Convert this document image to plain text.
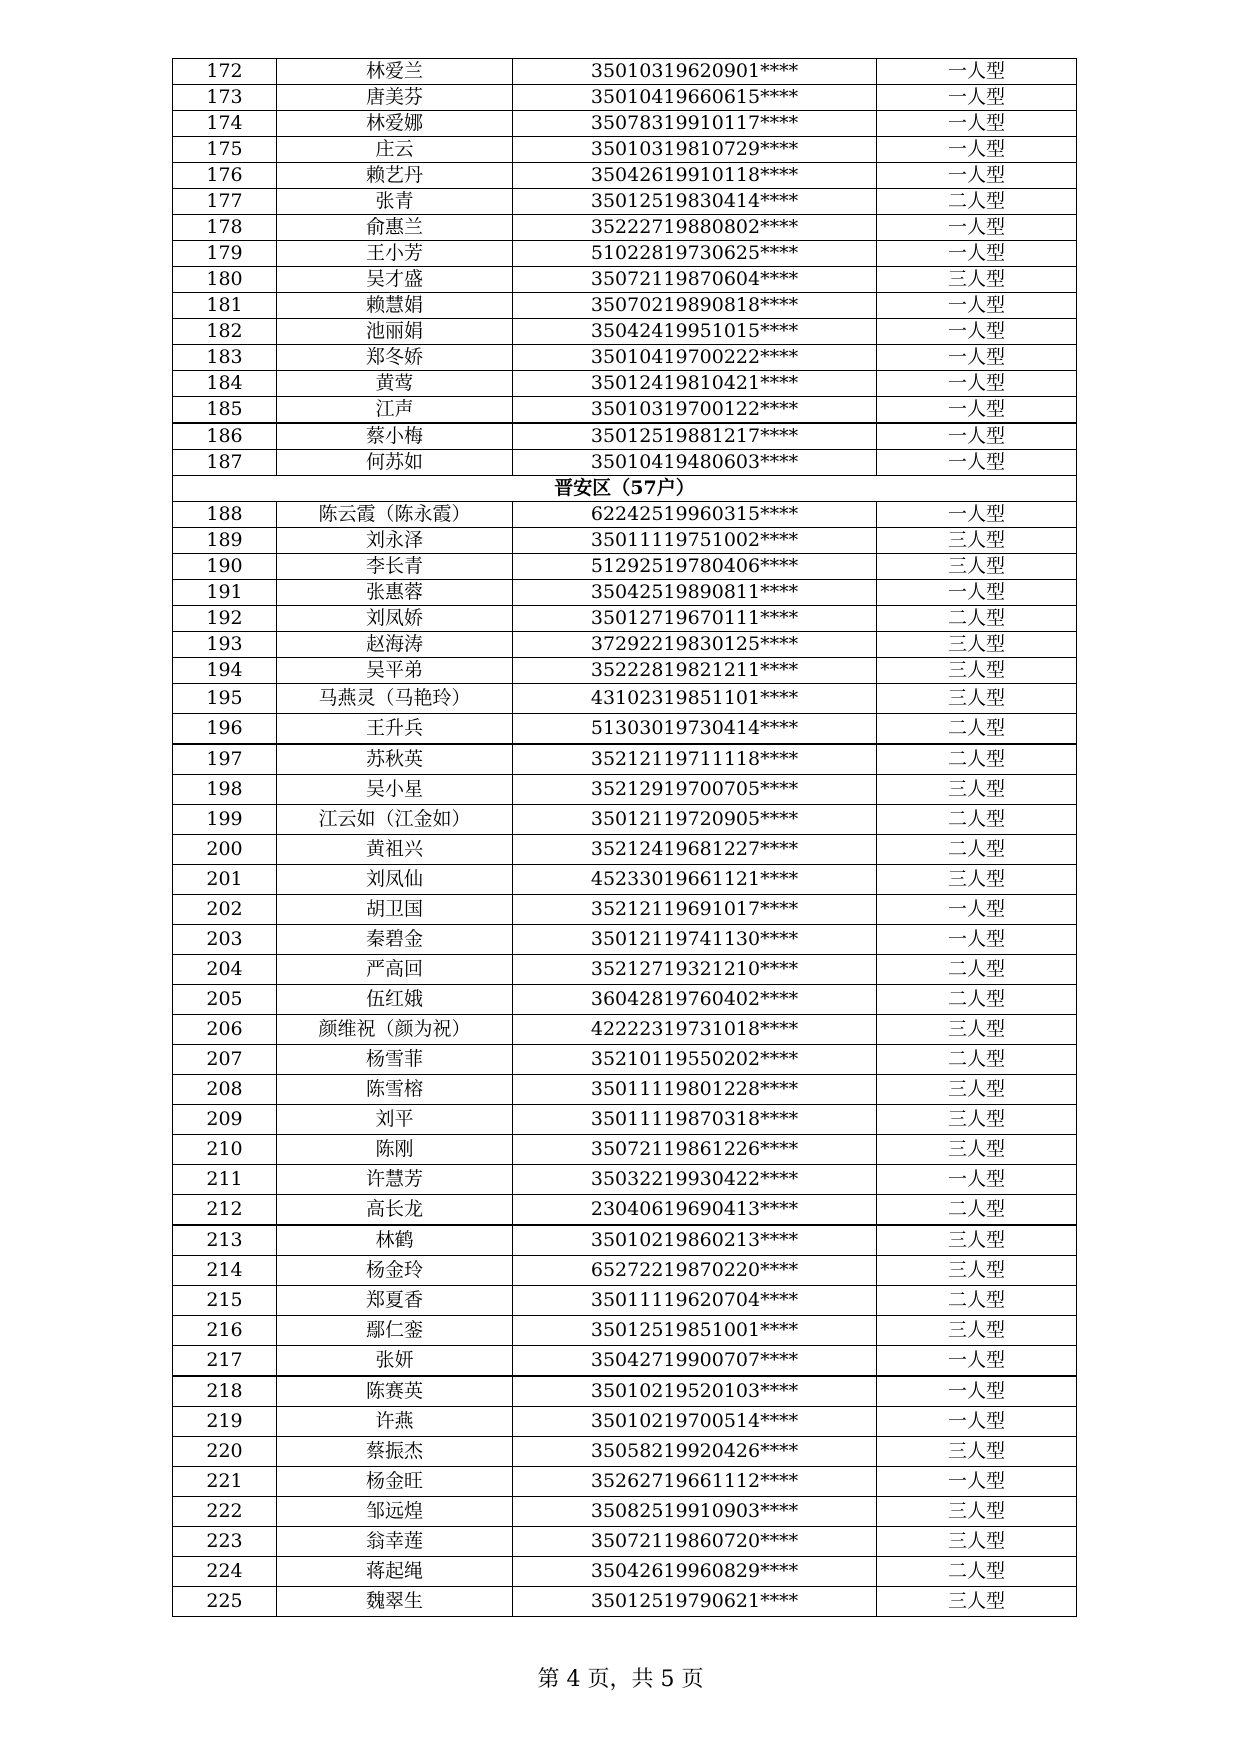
172	林爱兰	35010319620901****	一人型
173	唐美芬	35010419660615****	一人型
174	林爱娜	35078319910117****	一人型
175	庄云	35010319810729****	一人型
176	赖艺丹	35042619910118****	一人型
177	张青	35012519830414****	二人型
178	俞惠兰	35222719880802****	一人型
179	王小芳	51022819730625****	一人型
180	吴才盛	35072119870604****	三人型
181	赖慧娟	35070219890818****	一人型
182	池丽娟	35042419951015****	一人型
183	郑冬娇	35010419700222****	一人型
184	黄莺	35012419810421****	一人型
185	江声	35010319700122****	一人型
186	蔡小梅	35012519881217****	一人型
187	何苏如	35010419480603****	一人型
晋安区（57户）			
188	陈云霞（陈永霞）	62242519960315****	一人型
189	刘永泽	35011119751002****	三人型
190	李长青	51292519780406****	三人型
191	张惠蓉	35042519890811****	一人型
192	刘凤娇	35012719670111****	二人型
193	赵海涛	37292219830125****	三人型
194	吴平弟	35222819821211****	三人型
195	马燕灵（马艳玲）	43102319851101****	三人型
196	王升兵	51303019730414****	二人型
197	苏秋英	35212119711118****	二人型
198	吴小星	35212919700705****	三人型
199	江云如（江金如）	35012119720905****	二人型
200	黄祖兴	35212419681227****	二人型
201	刘凤仙	45233019661121****	三人型
202	胡卫国	35212119691017****	一人型
203	秦碧金	35012119741130****	一人型
204	严高回	35212719321210****	二人型
205	伍红娥	36042819760402****	二人型
206	颜维祝（颜为祝）	42222319731018****	三人型
207	杨雪菲	35210119550202****	二人型
208	陈雪榕	35011119801228****	三人型
209	刘平	35011119870318****	三人型
210	陈刚	35072119861226****	三人型
211	许慧芳	35032219930422****	一人型
212	高长龙	23040619690413****	二人型
213	林鹤	35010219860213****	三人型
214	杨金玲	65272219870220****	三人型
215	郑夏香	35011119620704****	二人型
216	鄢仁銮	35012519851001****	三人型
217	张妍	35042719900707****	一人型
218	陈赛英	35010219520103****	一人型
219	许燕	35010219700514****	一人型
220	蔡振杰	35058219920426****	三人型
221	杨金旺	35262719661112****	一人型
222	邹远煌	35082519910903****	三人型
223	翁幸莲	35072119860720****	三人型
224	蒋起绳	35042619960829****	二人型
225	魏翠生	35012519790621****	三人型
第 4 页，共 5 页
